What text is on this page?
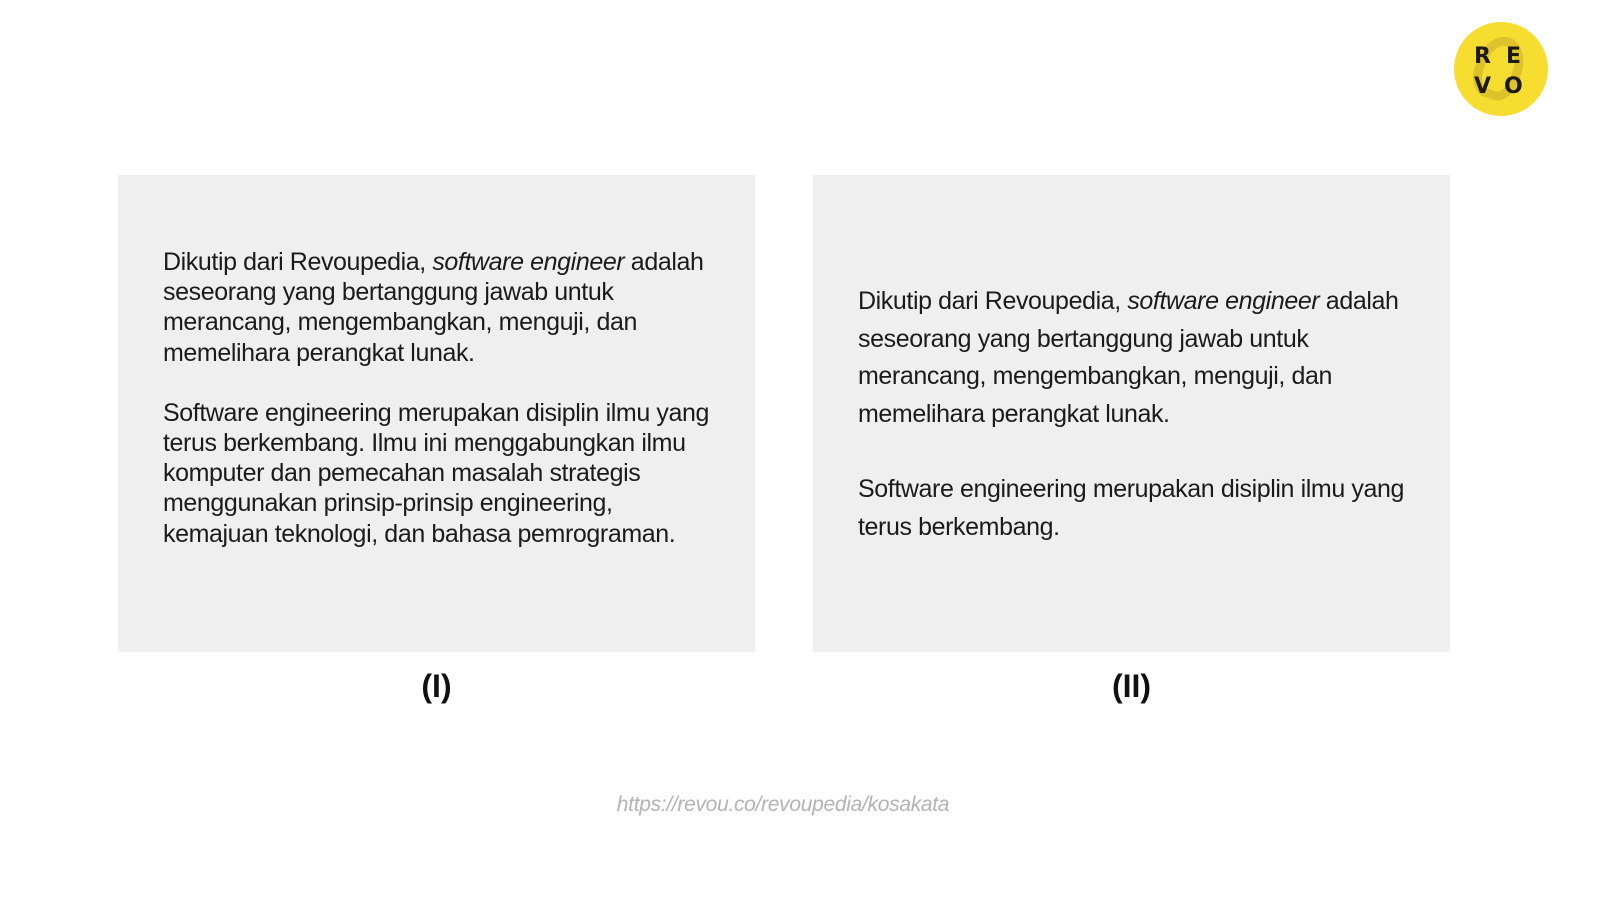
R E
V O

Dikutip dari Revoupedia, software engineer adalah seseorang yang bertanggung jawab untuk merancang, mengembangkan, menguji, dan memelihara perangkat lunak.

Software engineering merupakan disiplin ilmu yang terus berkembang. Ilmu ini menggabungkan ilmu komputer dan pemecahan masalah strategis menggunakan prinsip-prinsip engineering, kemajuan teknologi, dan bahasa pemrograman.

Dikutip dari Revoupedia, software engineer adalah seseorang yang bertanggung jawab untuk merancang, mengembangkan, menguji, dan memelihara perangkat lunak.

Software engineering merupakan disiplin ilmu yang terus berkembang.

(I)	(II)
https://revou.co/revoupedia/kosakata
